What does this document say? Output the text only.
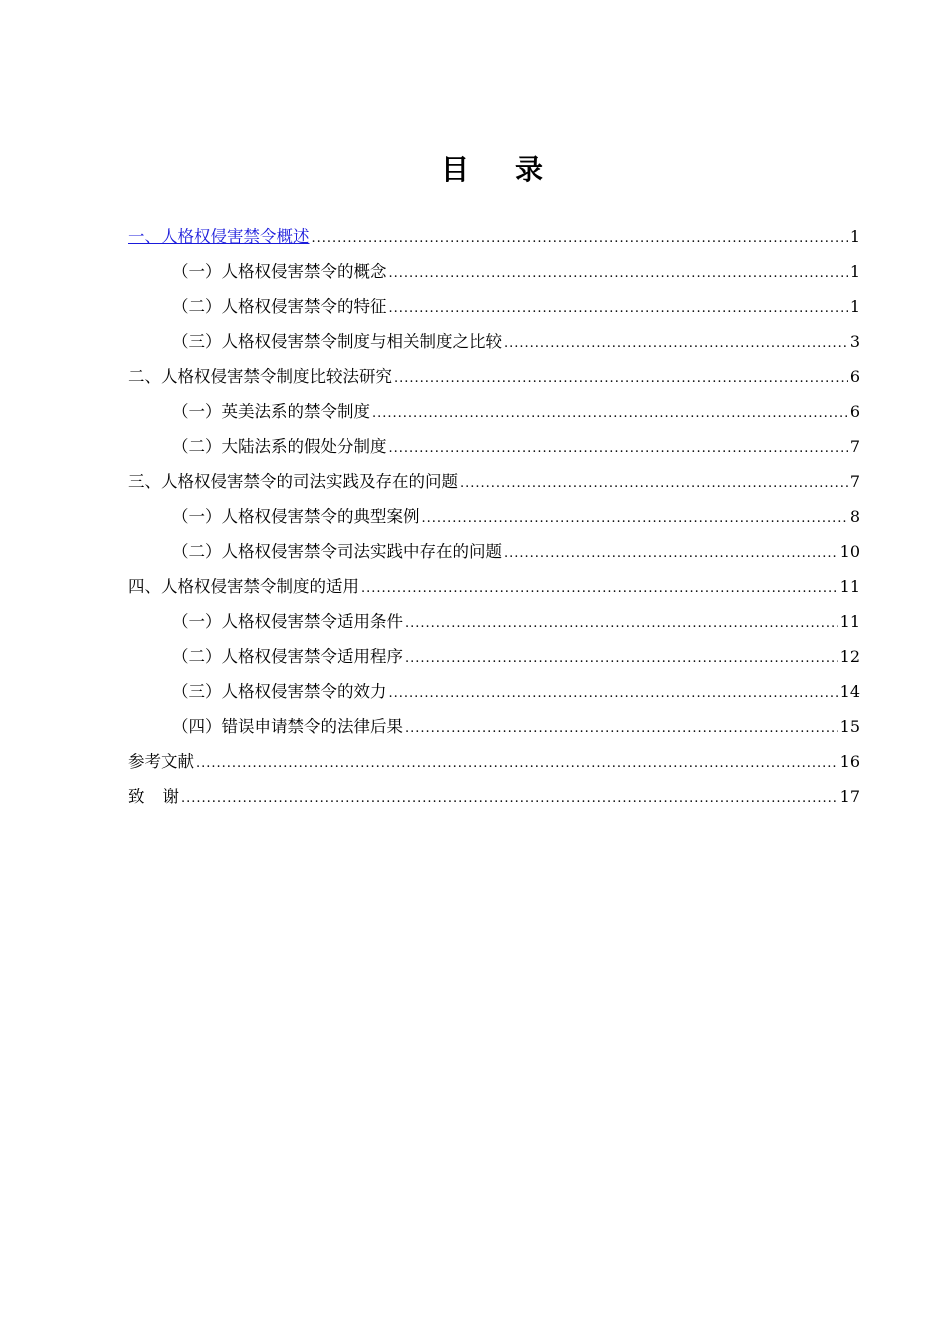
目 录
一、人格权侵害禁令概述 .....	1
（一）人格权侵害禁令的概念 .....	1
（二）人格权侵害禁令的特征 .....	1
（三）人格权侵害禁令制度与相关制度之比较 .....	3
二、人格权侵害禁令制度比较法研究 .....	6
（一）英美法系的禁令制度 .....	6
（二）大陆法系的假处分制度 .....	7
三、人格权侵害禁令的司法实践及存在的问题 .....	7
（一）人格权侵害禁令的典型案例 .....	8
（二）人格权侵害禁令司法实践中存在的问题 .....	10
四、人格权侵害禁令制度的适用 .....	11
（一）人格权侵害禁令适用条件 .....	11
（二）人格权侵害禁令适用程序 .....	12
（三）人格权侵害禁令的效力 .....	14
（四）错误申请禁令的法律后果 .....	15
参考文献 .....	16
致 谢 .....	17
